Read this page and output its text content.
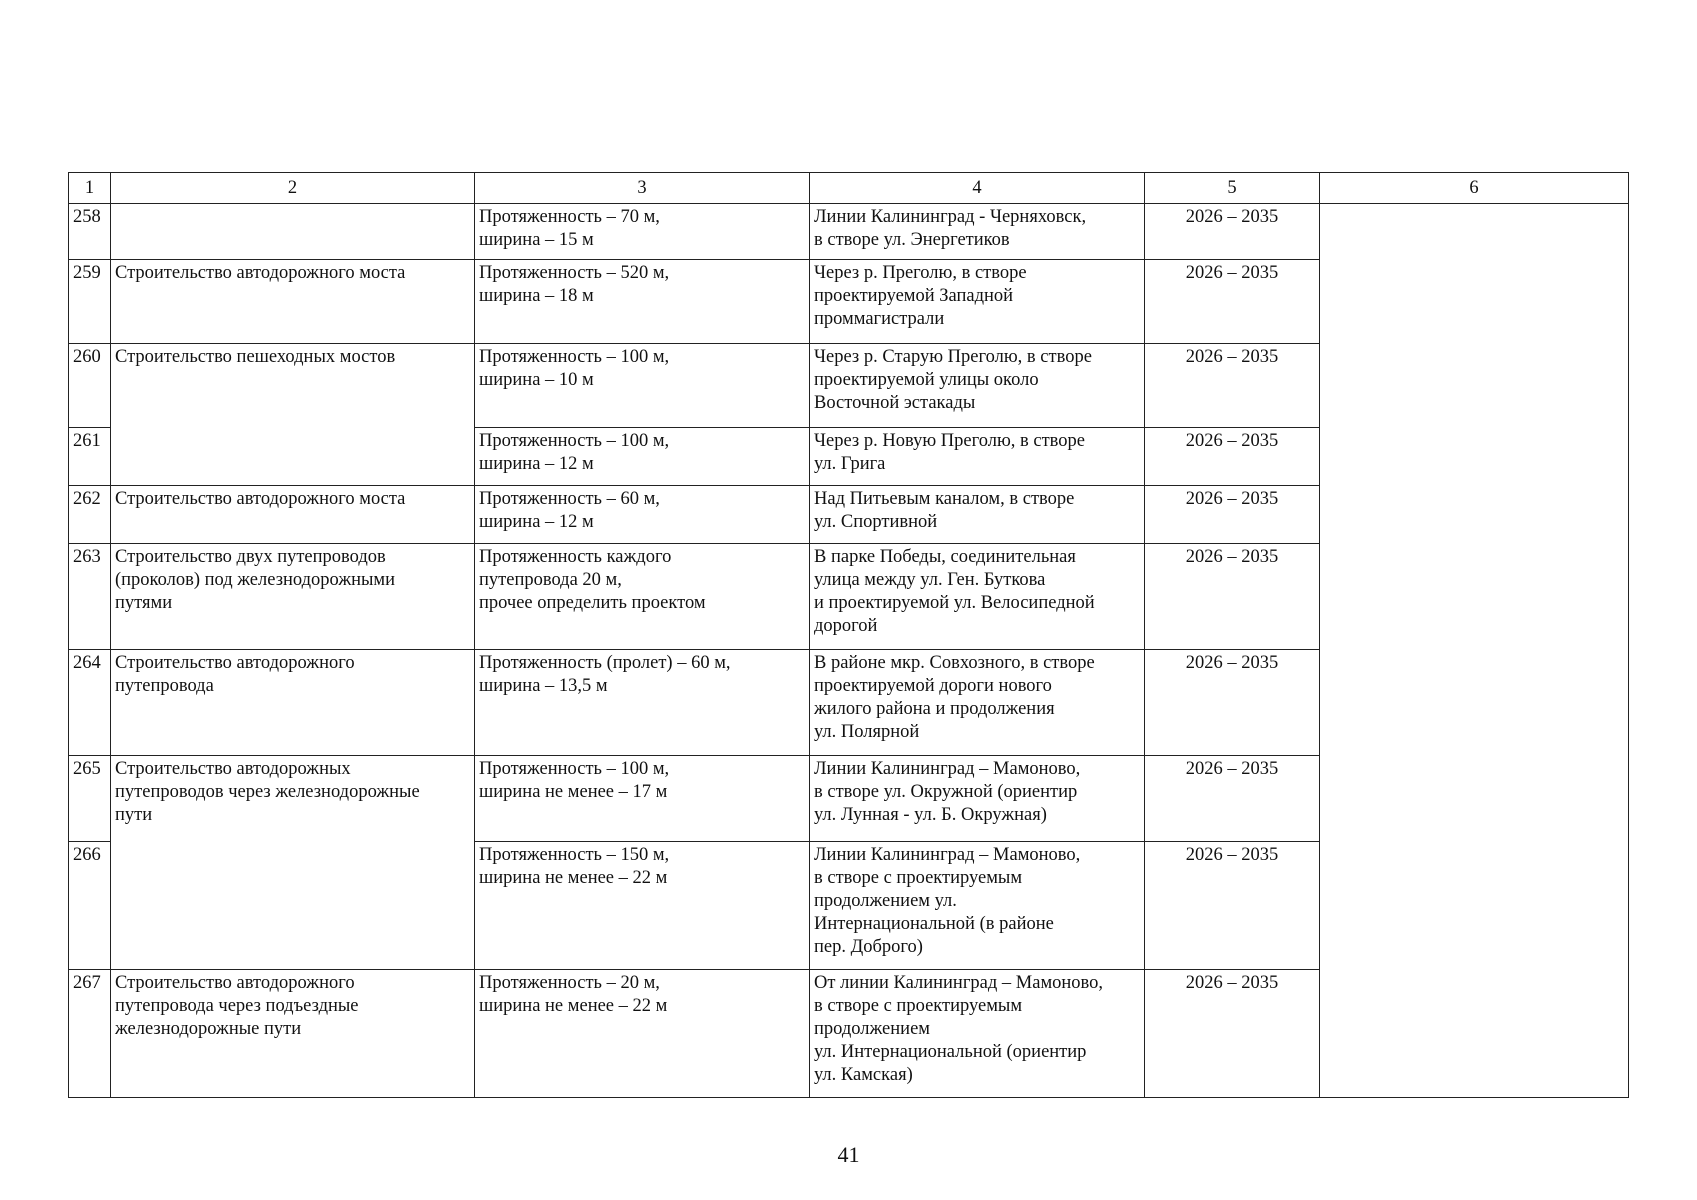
1	2	3	4	5	6
258		Протяженность – 70 м,
ширина – 15 м	Линии Калининград - Черняховск,
в створе ул. Энергетиков	2026 – 2035	
259	Строительство автодорожного моста	Протяженность – 520 м,
ширина – 18 м	Через р. Преголю, в створе
проектируемой Западной
проммагистрали	2026 – 2035	
260	Строительство пешеходных мостов	Протяженность – 100 м,
ширина – 10 м	Через р. Старую Преголю, в створе
проектируемой улицы около
Восточной эстакады	2026 – 2035	
261		Протяженность – 100 м,
ширина – 12 м	Через р. Новую Преголю, в створе
ул. Грига	2026 – 2035	
262	Строительство автодорожного моста	Протяженность – 60 м,
ширина – 12 м	Над Питьевым каналом, в створе
ул. Спортивной	2026 – 2035	
263	Строительство двух путепроводов
(проколов) под железнодорожными
путями	Протяженность каждого
путепровода 20 м,
прочее определить проектом	В парке Победы, соединительная
улица между ул. Ген. Буткова
и проектируемой ул. Велосипедной
дорогой	2026 – 2035	
264	Строительство автодорожного
путепровода	Протяженность (пролет) – 60 м,
ширина – 13,5 м	В районе мкр. Совхозного, в створе
проектируемой дороги нового
жилого района и продолжения
ул. Полярной	2026 – 2035	
265	Строительство автодорожных
путепроводов через железнодорожные
пути	Протяженность – 100 м,
ширина не менее – 17 м	Линии Калининград – Мамоново,
в створе ул. Окружной (ориентир
ул. Лунная - ул. Б. Окружная)	2026 – 2035	
266		Протяженность – 150 м,
ширина не менее – 22 м	Линии Калининград – Мамоново,
в створе с проектируемым
продолжением ул.
Интернациональной (в районе
пер. Доброго)	2026 – 2035	
267	Строительство автодорожного
путепровода через подъездные
железнодорожные пути	Протяженность – 20 м,
ширина не менее – 22 м	От линии Калининград – Мамоново,
в створе с проектируемым
продолжением
ул. Интернациональной (ориентир
ул. Камская)	2026 – 2035	
41
